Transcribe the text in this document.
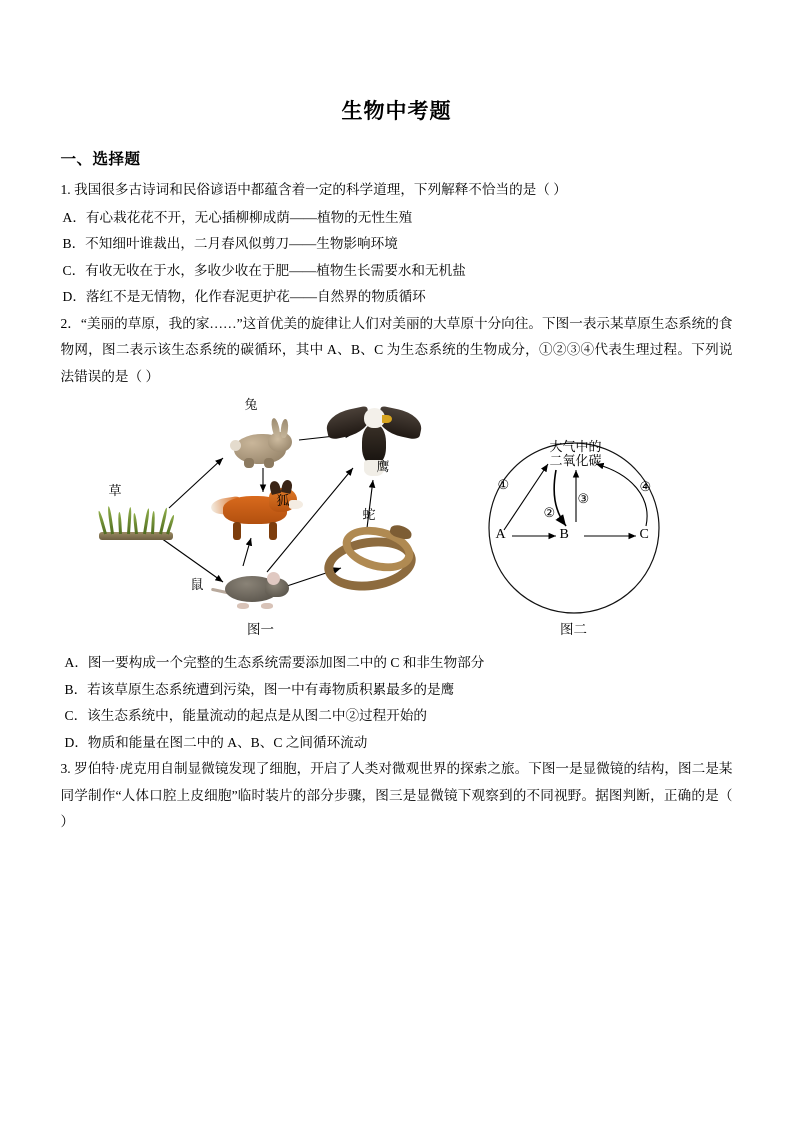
生物中考题
一、选择题

1. 我国很多古诗词和民俗谚语中都蕴含着一定的科学道理，下列解释不恰当的是（ ）

A．有心栽花花不开，无心插柳柳成荫——植物的无性生殖

B．不知细叶谁裁出，二月春风似剪刀——生物影响环境

C．有收无收在于水，多收少收在于肥——植物生长需要水和无机盐

D．落红不是无情物，化作春泥更护花——自然界的物质循环

2．“美丽的草原，我的家……”这首优美的旋律让人们对美丽的大草原十分向往。下图一表示某草原生态系统的食物网，图二表示该生态系统的碳循环，其中 A、B、C 为生态系统的生物成分，①②③④代表生理过程。下列说法错误的是（ ）

草
兔
鹰
狐
蛇
鼠
图一
大气中的
二氧化碳
A	B	C
①
②
③
④
图二

A．图一要构成一个完整的生态系统需要添加图二中的 C 和非生物部分

B．若该草原生态系统遭到污染，图一中有毒物质积累最多的是鹰

C．该生态系统中，能量流动的起点是从图二中②过程开始的

D．物质和能量在图二中的 A、B、C 之间循环流动

3. 罗伯特·虎克用自制显微镜发现了细胞，开启了人类对微观世界的探索之旅。下图一是显微镜的结构，图二是某同学制作“人体口腔上皮细胞”临时装片的部分步骤，图三是显微镜下观察到的不同视野。据图判断，正确的是（ ）
